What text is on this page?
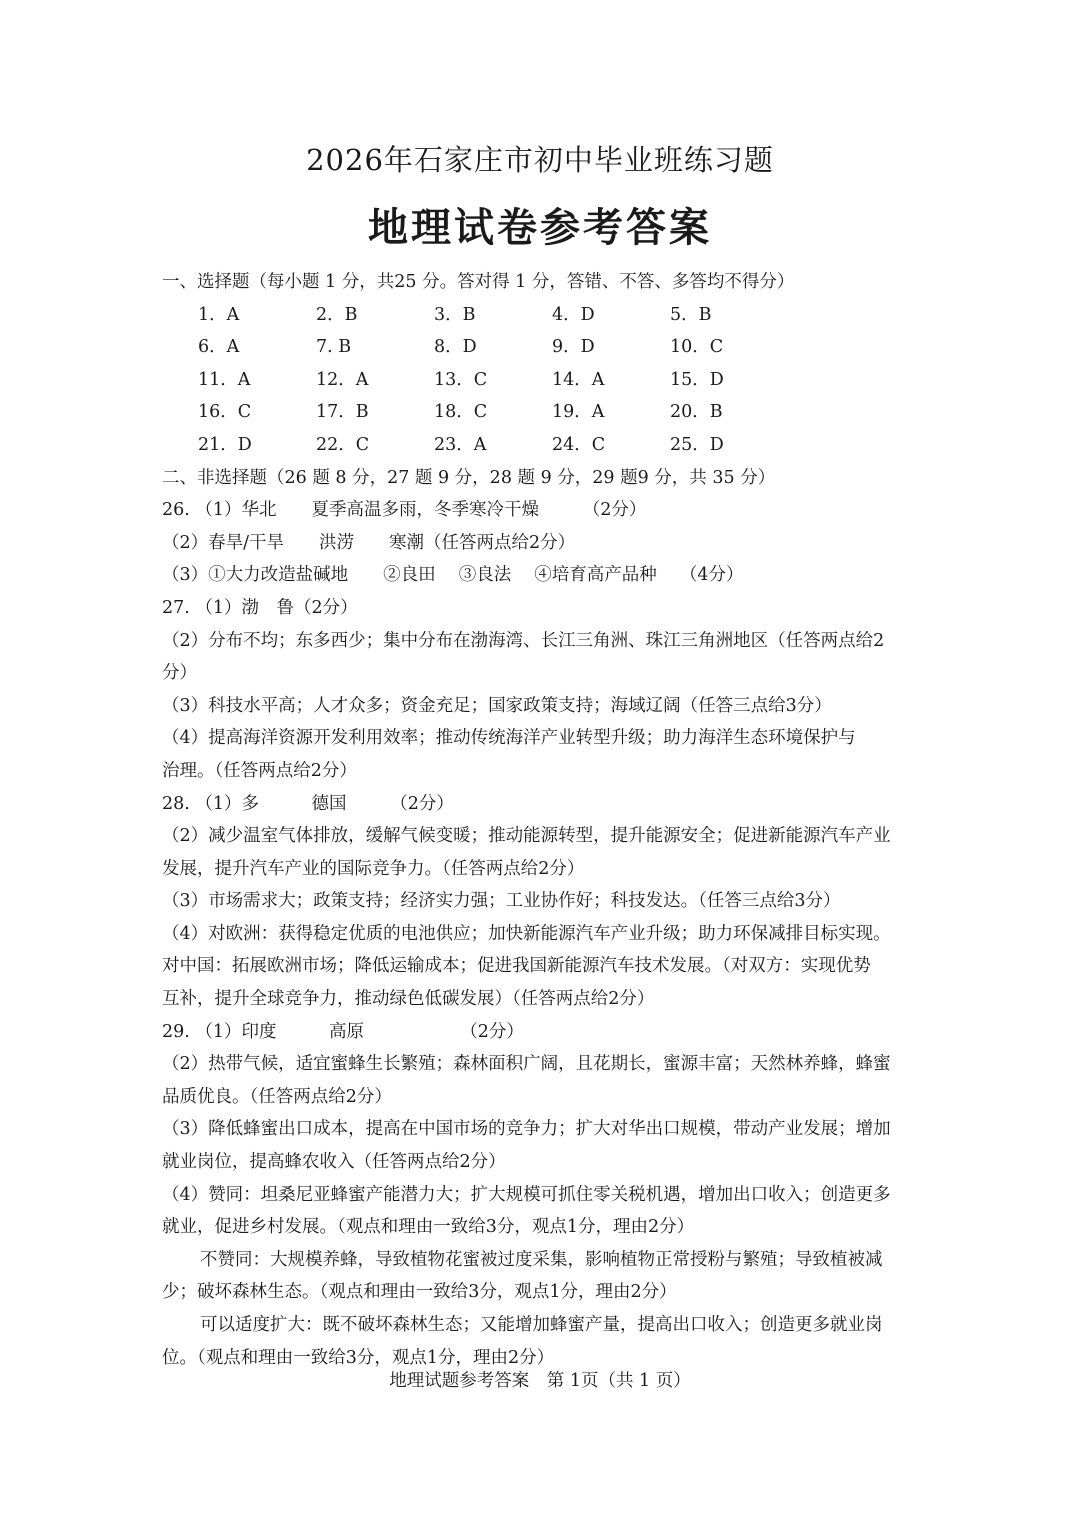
2026年石家庄市初中毕业班练习题
地理试卷参考答案
一、选择题（每小题 1 分，共25 分。答对得 1 分，答错、不答、多答均不得分）
1．A	2．B	3．B	4．D	5．B
6．A	7. B	8．D	9．D	10．C
11．A	12．A	13．C	14．A	15．D
16．C	17．B	18．C	19．A	20．B
21．D	22．C	23．A	24．C	25．D
二、非选择题（26 题 8 分，27 题 9 分，28 题 9 分，29 题9 分，共 35 分）
26. （1）华北　　夏季高温多雨，冬季寒冷干燥　　　（2分）
（2）春旱/干旱　　洪涝　　寒潮（任答两点给2分）
（3）①大力改造盐碱地　　②良田　 ③良法　 ④培育高产品种　 （4分）
27. （1）渤　鲁（2分）
（2）分布不均；东多西少；集中分布在渤海湾、长江三角洲、珠江三角洲地区（任答两点给2
分）
（3）科技水平高；人才众多；资金充足；国家政策支持；海域辽阔（任答三点给3分）
（4）提高海洋资源开发利用效率；推动传统海洋产业转型升级；助力海洋生态环境保护与
治理。（任答两点给2分）
28. （1）多　　　德国　　　（2分）
（2）减少温室气体排放，缓解气候变暖；推动能源转型，提升能源安全；促进新能源汽车产业
发展，提升汽车产业的国际竞争力。（任答两点给2分）
（3）市场需求大；政策支持；经济实力强；工业协作好；科技发达。（任答三点给3分）
（4）对欧洲：获得稳定优质的电池供应；加快新能源汽车产业升级；助力环保减排目标实现。
对中国：拓展欧洲市场；降低运输成本；促进我国新能源汽车技术发展。（对双方：实现优势
互补，提升全球竞争力，推动绿色低碳发展）（任答两点给2分）
29. （1）印度　　　高原　　　　　　（2分）
（2）热带气候，适宜蜜蜂生长繁殖；森林面积广阔，且花期长，蜜源丰富；天然林养蜂，蜂蜜
品质优良。（任答两点给2分）
（3）降低蜂蜜出口成本，提高在中国市场的竞争力；扩大对华出口规模，带动产业发展；增加
就业岗位，提高蜂农收入（任答两点给2分）
（4）赞同：坦桑尼亚蜂蜜产能潜力大；扩大规模可抓住零关税机遇，增加出口收入；创造更多
就业，促进乡村发展。（观点和理由一致给3分，观点1分，理由2分）
不赞同：大规模养蜂，导致植物花蜜被过度采集，影响植物正常授粉与繁殖；导致植被减
少；破坏森林生态。（观点和理由一致给3分，观点1分，理由2分）
可以适度扩大：既不破坏森林生态；又能增加蜂蜜产量，提高出口收入；创造更多就业岗
位。（观点和理由一致给3分，观点1分，理由2分）
地理试题参考答案　第 1页（共 1 页）
